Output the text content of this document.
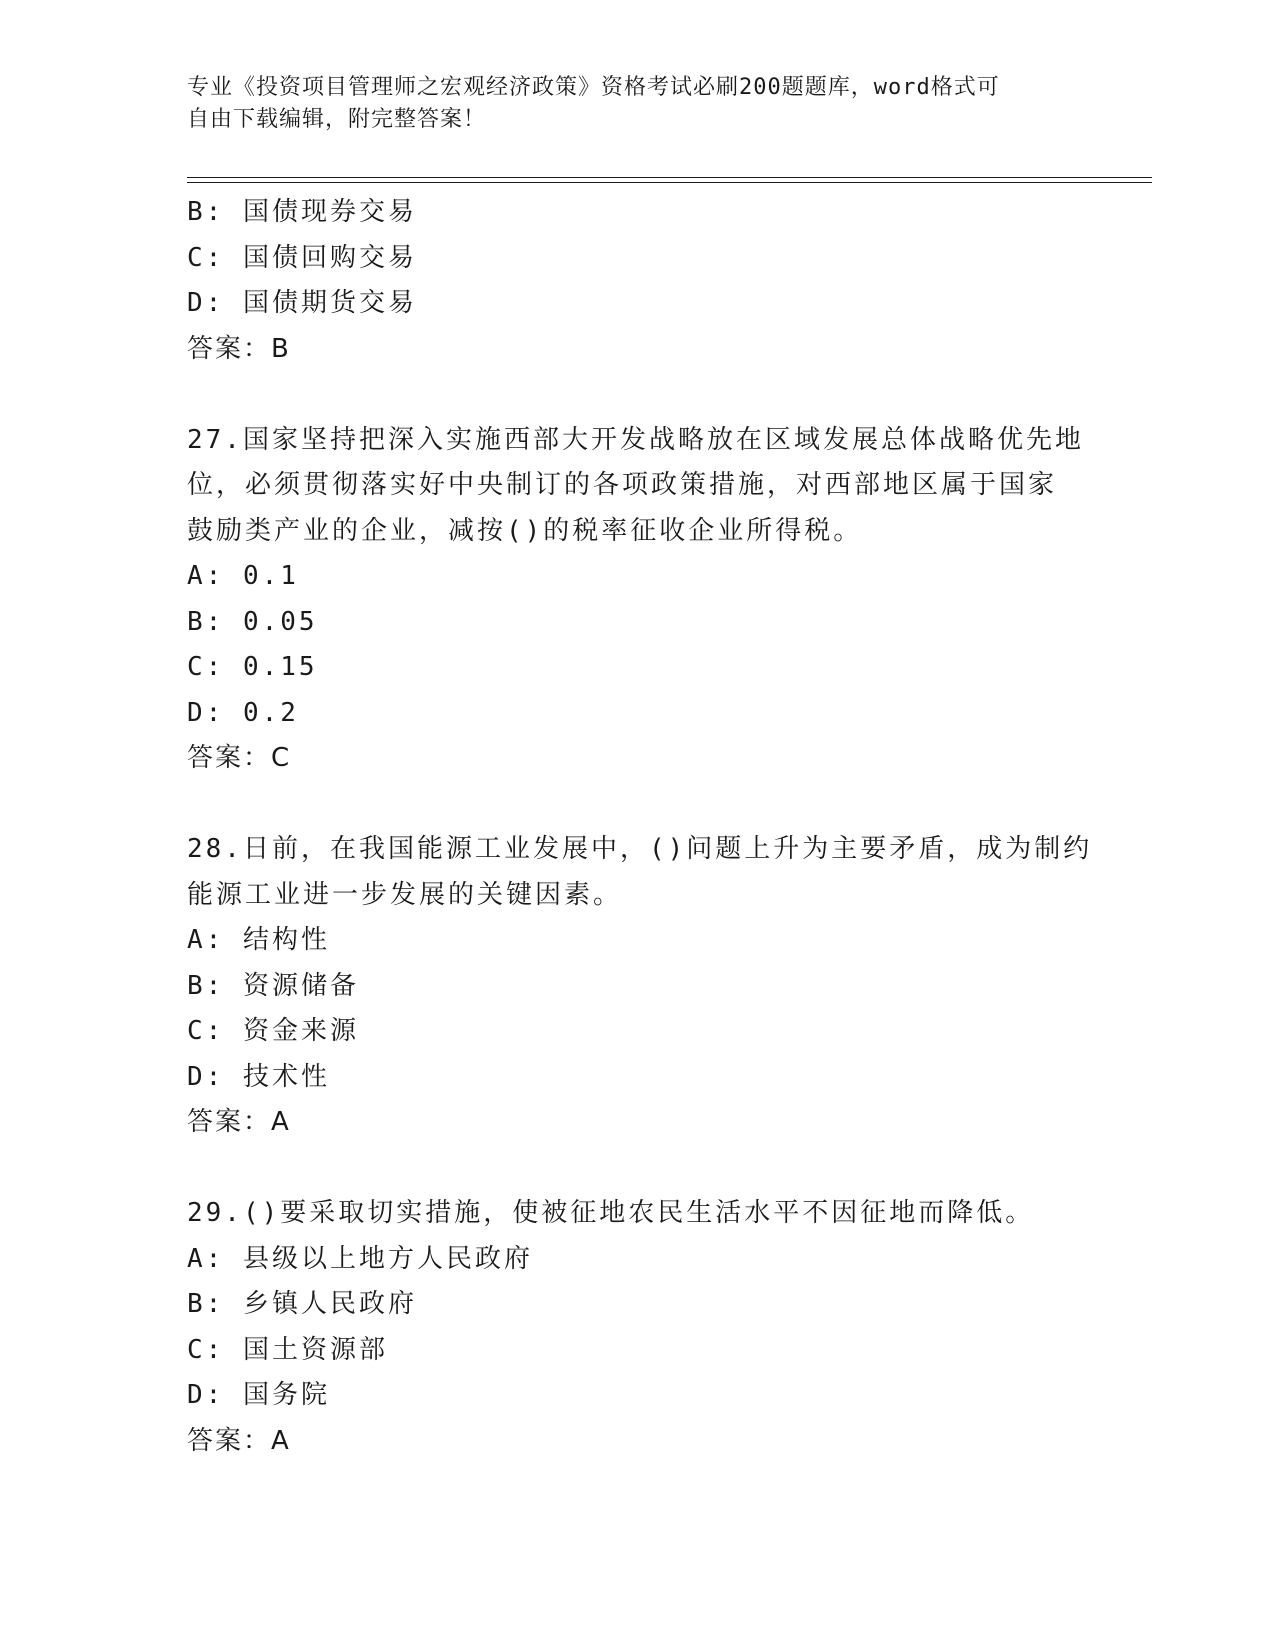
专业《投资项目管理师之宏观经济政策》资格考试必刷200题题库，word格式可
自由下载编辑，附完整答案！
B: 国债现券交易
C: 国债回购交易
D: 国债期货交易
答案：B
27.国家坚持把深入实施西部大开发战略放在区域发展总体战略优先地
位，必须贯彻落实好中央制订的各项政策措施，对西部地区属于国家
鼓励类产业的企业，减按()的税率征收企业所得税。
A: 0.1
B: 0.05
C: 0.15
D: 0.2
答案：C
28.日前，在我国能源工业发展中，()问题上升为主要矛盾，成为制约
能源工业进一步发展的关键因素。
A: 结构性
B: 资源储备
C: 资金来源
D: 技术性
答案：A
29.()要采取切实措施，使被征地农民生活水平不因征地而降低。
A: 县级以上地方人民政府
B: 乡镇人民政府
C: 国土资源部
D: 国务院
答案：A
